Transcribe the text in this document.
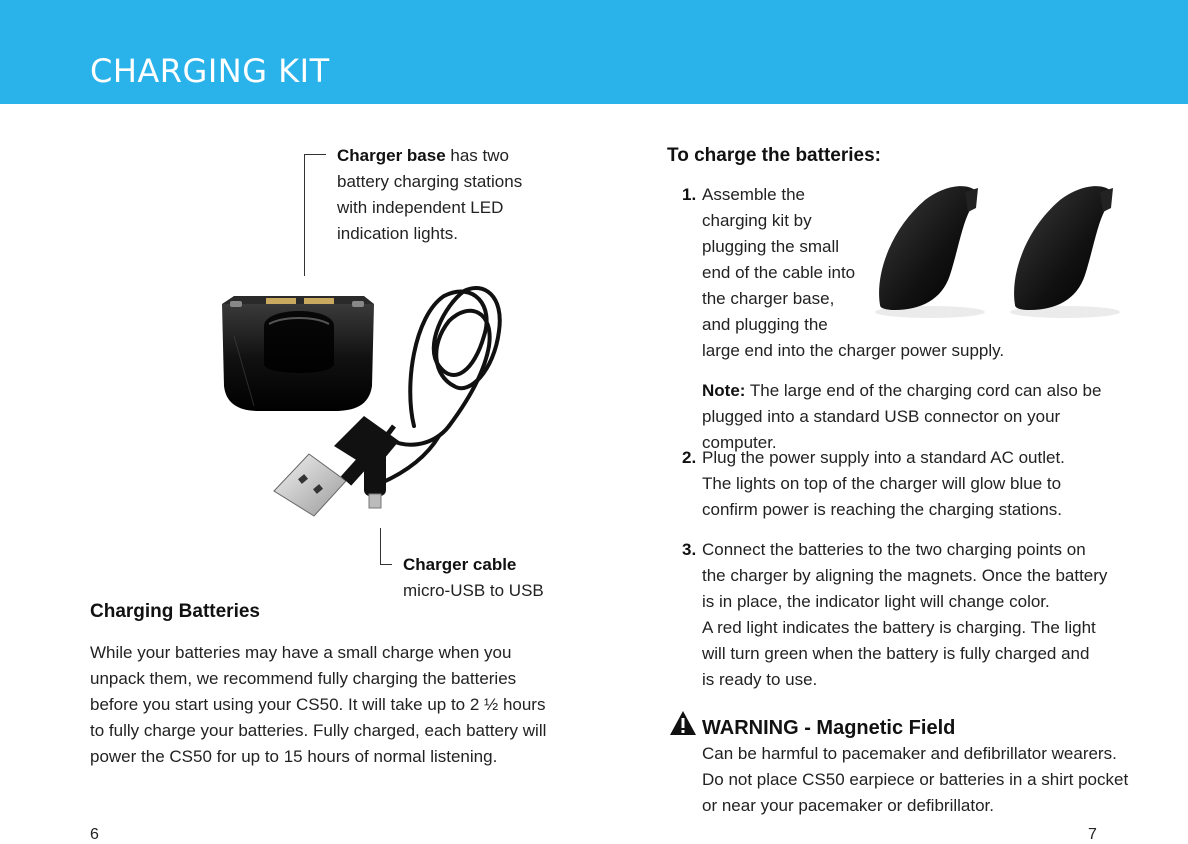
CHARGING KIT
Charger base has two
battery charging stations
with independent LED
indication lights.
Charger cable
micro-USB to USB
Charging Batteries
While your batteries may have a small charge when you
unpack them, we recommend fully charging the batteries
before you start using your CS50. It will take up to 2 ½ hours
to fully charge your batteries. Fully charged, each battery will
power the CS50 for up to 15 hours of normal listening.
6
To charge the batteries:
1. Assemble the
charging kit by
plugging the small
end of the cable into
the charger base,
and plugging the
large end into the charger power supply.
Note: The large end of the charging cord can also be
plugged into a standard USB connector on your computer.
2. Plug the power supply into a standard AC outlet.
The lights on top of the charger will glow blue to
confirm power is reaching the charging stations.
3. Connect the batteries to the two charging points on
the charger by aligning the magnets. Once the battery
is in place, the indicator light will change color.
A red light indicates the battery is charging. The light
will turn green when the battery is fully charged and
is ready to use.
WARNING - Magnetic Field
Can be harmful to pacemaker and defibrillator wearers.
Do not place CS50 earpiece or batteries in a shirt pocket
or near your pacemaker or defibrillator.
7
